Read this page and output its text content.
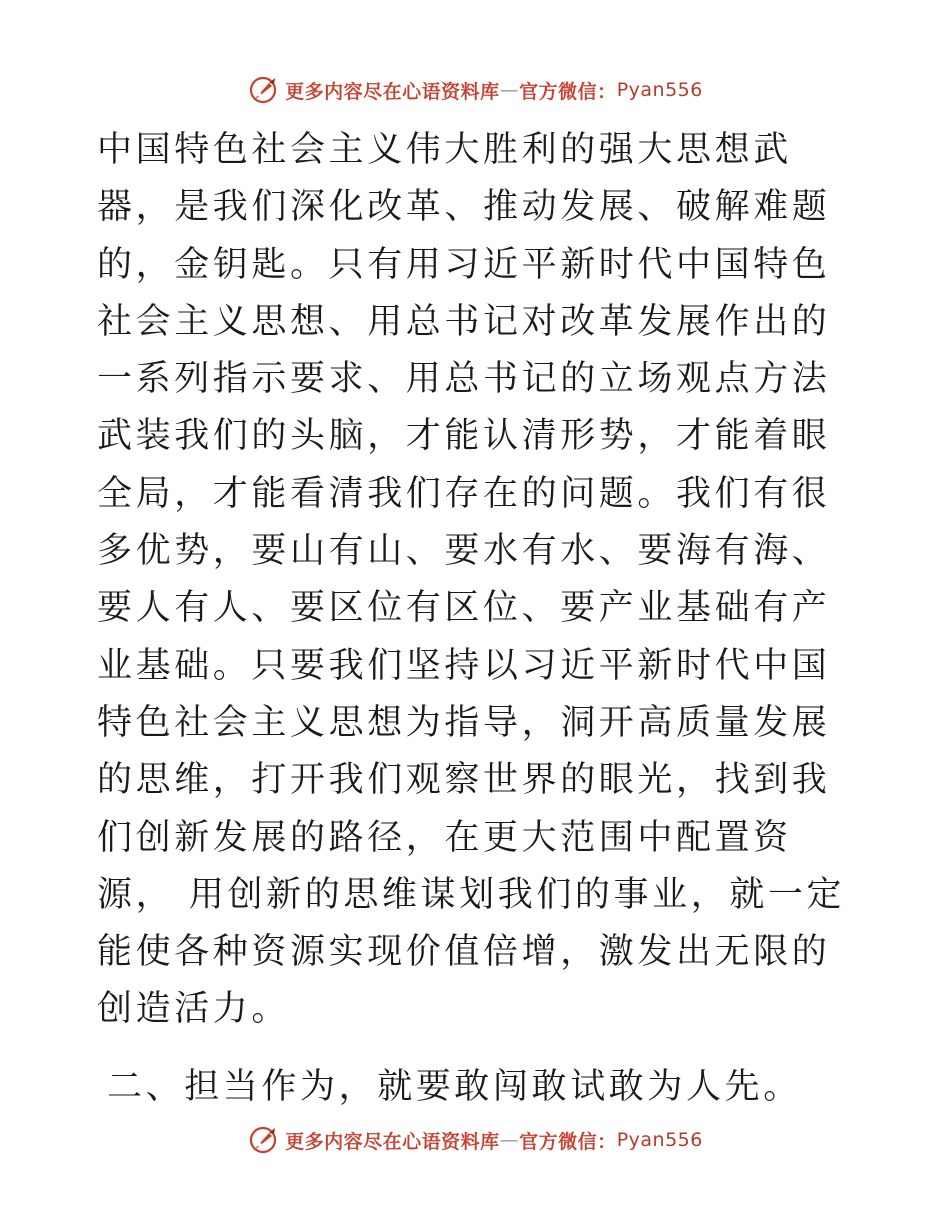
更多内容尽在心语资料库 — 官方微信： Pyan556

中国特色社会主义伟大胜利的强大思想武器，是我们深化改革、推动发展、破解难题的，金钥匙。只有用习近平新时代中国特色社会主义思想、用总书记对改革发展作出的一系列指示要求、用总书记的立场观点方法武装我们的头脑，才能认清形势，才能着眼全局，才能看清我们存在的问题。我们有很多优势，要山有山、要水有水、要海有海、要人有人、要区位有区位、要产业基础有产业基础。只要我们坚持以习近平新时代中国特色社会主义思想为指导，洞开高质量发展的思维，打开我们观察世界的眼光，找到我们创新发展的路径，在更大范围中配置资源， 用创新的思维谋划我们的事业，就一定能使各种资源实现价值倍增，激发出无限的创造活力。

二、担当作为，就要敢闯敢试敢为人先。

更多内容尽在心语资料库 — 官方微信： Pyan556
